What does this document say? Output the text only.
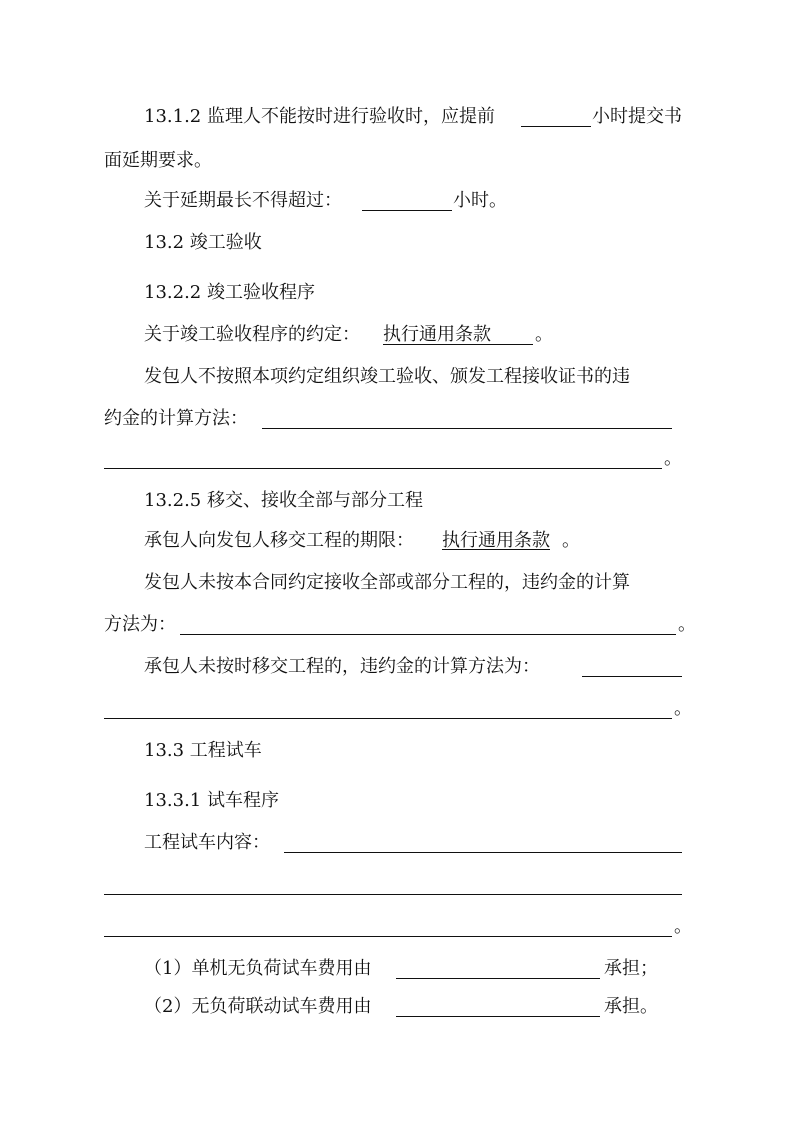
13.1.2 监理人不能按时进行验收时，应提前	小时提交书
面延期要求。
关于延期最长不得超过：	小时。
13.2 竣工验收
13.2.2 竣工验收程序
关于竣工验收程序的约定： 执行通用条款 。
发包人不按照本项约定组织竣工验收、颁发工程接收证书的违
约金的计算方法：
。
13.2.5 移交、接收全部与部分工程
承包人向发包人移交工程的期限： 执行通用条款 。
发包人未按本合同约定接收全部或部分工程的，违约金的计算
方法为：	。
承包人未按时移交工程的，违约金的计算方法为：
。
13.3 工程试车
13.3.1 试车程序
工程试车内容：
。
（1）单机无负荷试车费用由	承担；
（2）无负荷联动试车费用由	承担。
